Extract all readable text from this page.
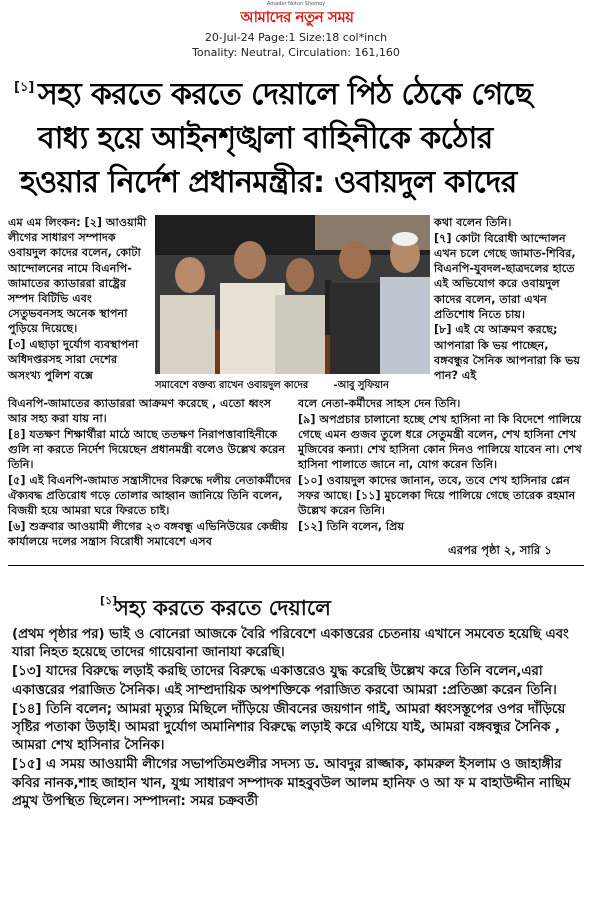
Amader Notun Shomoy
আমাদের নতুন সময়
20-Jul-24 Page:1 Size:18 col*inch
Tonality: Neutral, Circulation: 161,160
[১] সহ্য করতে করতে দেয়ালে পিঠ ঠেকে গেছে
বাধ্য হয়ে আইনশৃঙ্খলা বাহিনীকে কঠোর
হওয়ার নির্দেশ প্রধানমন্ত্রীর: ওবায়দুল কাদের

এম এম লিংকন: [২] আওয়ামী লীগের সাধারণ সম্পাদক ওবায়দুল কাদের বলেন, কোটা আন্দোলনের নামে বিএনপি- জামাতের ক্যাডাররা রাষ্ট্রের সম্পদ বিটিভি এবং সেতুভবনসহ অনেক স্থাপনা পুড়িয়ে দিয়েছে।

[৩] এছাড়া দুর্যোগ ব্যবস্থাপনা অধিদপ্তরসহ সারা দেশের অসংখ্য পুলিশ বক্সে

সমাবেশে বক্তব্য রাখেন ওবায়দুল কাদের	-আবু সুফিয়ান

কথা বলেন তিনি।

[৭] কোটা বিরোধী আন্দোলন এখন চলে গেছে জামাত-শিবির, বিএনপি-যুবদল-ছাত্রদলের হাতে এই অভিযোগ করে ওবায়দুল কাদের বলেন, তারা এখন প্রতিশোধ নিতে চায়।

[৮] এই যে আক্রমণ করছে; আপনারা কি ভয় পাচ্ছেন, বঙ্গবন্ধুর সৈনিক আপনারা কি ভয় পান? এই

বিএনপি-জামাতের ক্যাডাররা আক্রমণ করেছে , এতো ধ্বংস আর সহ্য করা যায় না।

[৪] যতক্ষণ শিক্ষার্থীরা মাঠে আছে ততক্ষণ নিরাপত্তাবাহিনীকে গুলি না করতে নির্দেশ দিয়েছেন প্রধানমন্ত্রী বলেও উল্লেখ করেন তিনি।

[৫] এই বিএনপি-জামাত সন্ত্রাসীদের বিরুদ্ধে দলীয় নেতাকর্মীদের ঐক্যবদ্ধ প্রতিরোধ গড়ে তোলার আহ্বান জানিয়ে তিনি বলেন, বিজয়ী হয়ে আমরা ঘরে ফিরতে চাই।

[৬] শুক্রবার আওয়ামী লীগের ২৩ বঙ্গবন্ধু এভিনিউয়ের কেন্দ্রীয় কার্যালয়ে দলের সন্ত্রাস বিরোধী সমাবেশে এসব

বলে নেতা-কর্মীদের সাহস দেন তিনি।

[৯] অপপ্রচার চালানো হচ্ছে শেখ হাসিনা না কি বিদেশে পালিয়ে গেছে এমন গুজব তুলে ধরে সেতুমন্ত্রী বলেন, শেখ হাসিনা শেখ মুজিবের কন্যা। শেখ হাসিনা কোন দিনও পালিয়ে যাবেন না। শেখ হাসিনা পালাতে জানে না, যোগ করেন তিনি।

[১০] ওবায়দুল কাদের জানান, তবে, তবে শেখ হাসিনার প্লেন সফর আছে। [১১] মুচলেকা দিয়ে পালিয়ে গেছে তারেক রহমান উল্লেখ করেন তিনি।

[১২] তিনি বলেন, প্রিয়

এরপর পৃষ্ঠা ২, সারি ১
[১]
সহ্য করতে করতে দেয়ালে

(প্রথম পৃষ্ঠার পর) ভাই ও বোনেরা আজকে বৈরি পরিবেশে একাত্তরের চেতনায় এখানে সমবেত হয়েছি এবং যারা নিহত হয়েছে তাদের গায়েবানা জানাযা করেছি।

[১৩] যাদের বিরুদ্ধে লড়াই করছি তাদের বিরুদ্ধে একাত্তরেও যুদ্ধ করেছি উল্লেখ করে তিনি বলেন,এরা একাত্তরের পরাজিত সৈনিক। এই সাম্প্রদায়িক অপশক্তিকে পরাজিত করবো আমরা :প্রতিজ্ঞা করেন তিনি।

[১৪] তিনি বলেন; আমরা মৃত্যুর মিছিলে দাঁড়িয়ে জীবনের জয়গান গাই, আমরা ধ্বংসস্তূপের ওপর দাঁড়িয়ে সৃষ্টির পতাকা উড়াই। আমরা দুর্যোগ অমানিশার বিরুদ্ধে লড়াই করে এগিয়ে যাই, আমরা বঙ্গবন্ধুর সৈনিক , আমরা শেখ হাসিনার সৈনিক।

[১৫] এ সময় আওয়ামী লীগের সভাপতিমণ্ডলীর সদস্য ড. আবদুর রাজ্জাক, কামরুল ইসলাম ও জাহাঙ্গীর কবির নানক,শাহ জাহান খান, যুগ্ম সাধারণ সম্পাদক মাহবুবউল আলম হানিফ ও আ ফ ম বাহাউদ্দীন নাছিম প্রমুখ উপস্থিত ছিলেন। সম্পাদনা: সমর চক্রবর্তী
